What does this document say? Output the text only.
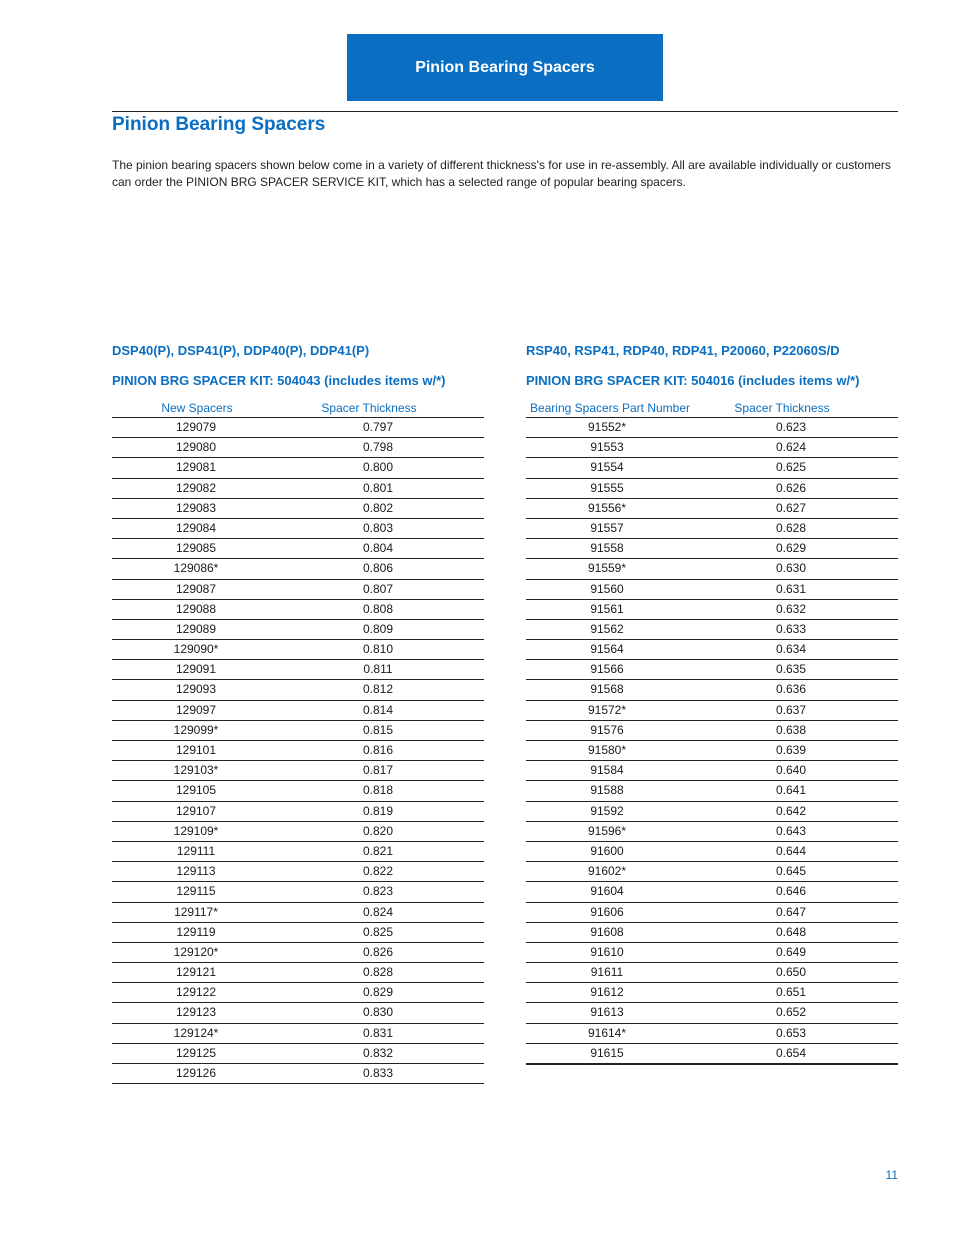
Pinion Bearing Spacers
Pinion Bearing Spacers
The pinion bearing spacers shown below come in a variety of different thickness's for use in re-assembly. All are available individually or customers can order the PINION BRG SPACER SERVICE KIT, which has a selected range of popular bearing spacers.
DSP40(P), DSP41(P), DDP40(P), DDP41(P)
PINION BRG SPACER KIT: 504043 (includes items w/*)
New Spacers	Spacer Thickness
129079	0.797
129080	0.798
129081	0.800
129082	0.801
129083	0.802
129084	0.803
129085	0.804
129086*	0.806
129087	0.807
129088	0.808
129089	0.809
129090*	0.810
129091	0.811
129093	0.812
129097	0.814
129099*	0.815
129101	0.816
129103*	0.817
129105	0.818
129107	0.819
129109*	0.820
129111	0.821
129113	0.822
129115	0.823
129117*	0.824
129119	0.825
129120*	0.826
129121	0.828
129122	0.829
129123	0.830
129124*	0.831
129125	0.832
129126	0.833
RSP40, RSP41, RDP40, RDP41, P20060, P22060S/D
PINION BRG SPACER KIT: 504016 (includes items w/*)
Bearing Spacers Part Number	Spacer Thickness
91552*	0.623
91553	0.624
91554	0.625
91555	0.626
91556*	0.627
91557	0.628
91558	0.629
91559*	0.630
91560	0.631
91561	0.632
91562	0.633
91564	0.634
91566	0.635
91568	0.636
91572*	0.637
91576	0.638
91580*	0.639
91584	0.640
91588	0.641
91592	0.642
91596*	0.643
91600	0.644
91602*	0.645
91604	0.646
91606	0.647
91608	0.648
91610	0.649
91611	0.650
91612	0.651
91613	0.652
91614*	0.653
91615	0.654
11
